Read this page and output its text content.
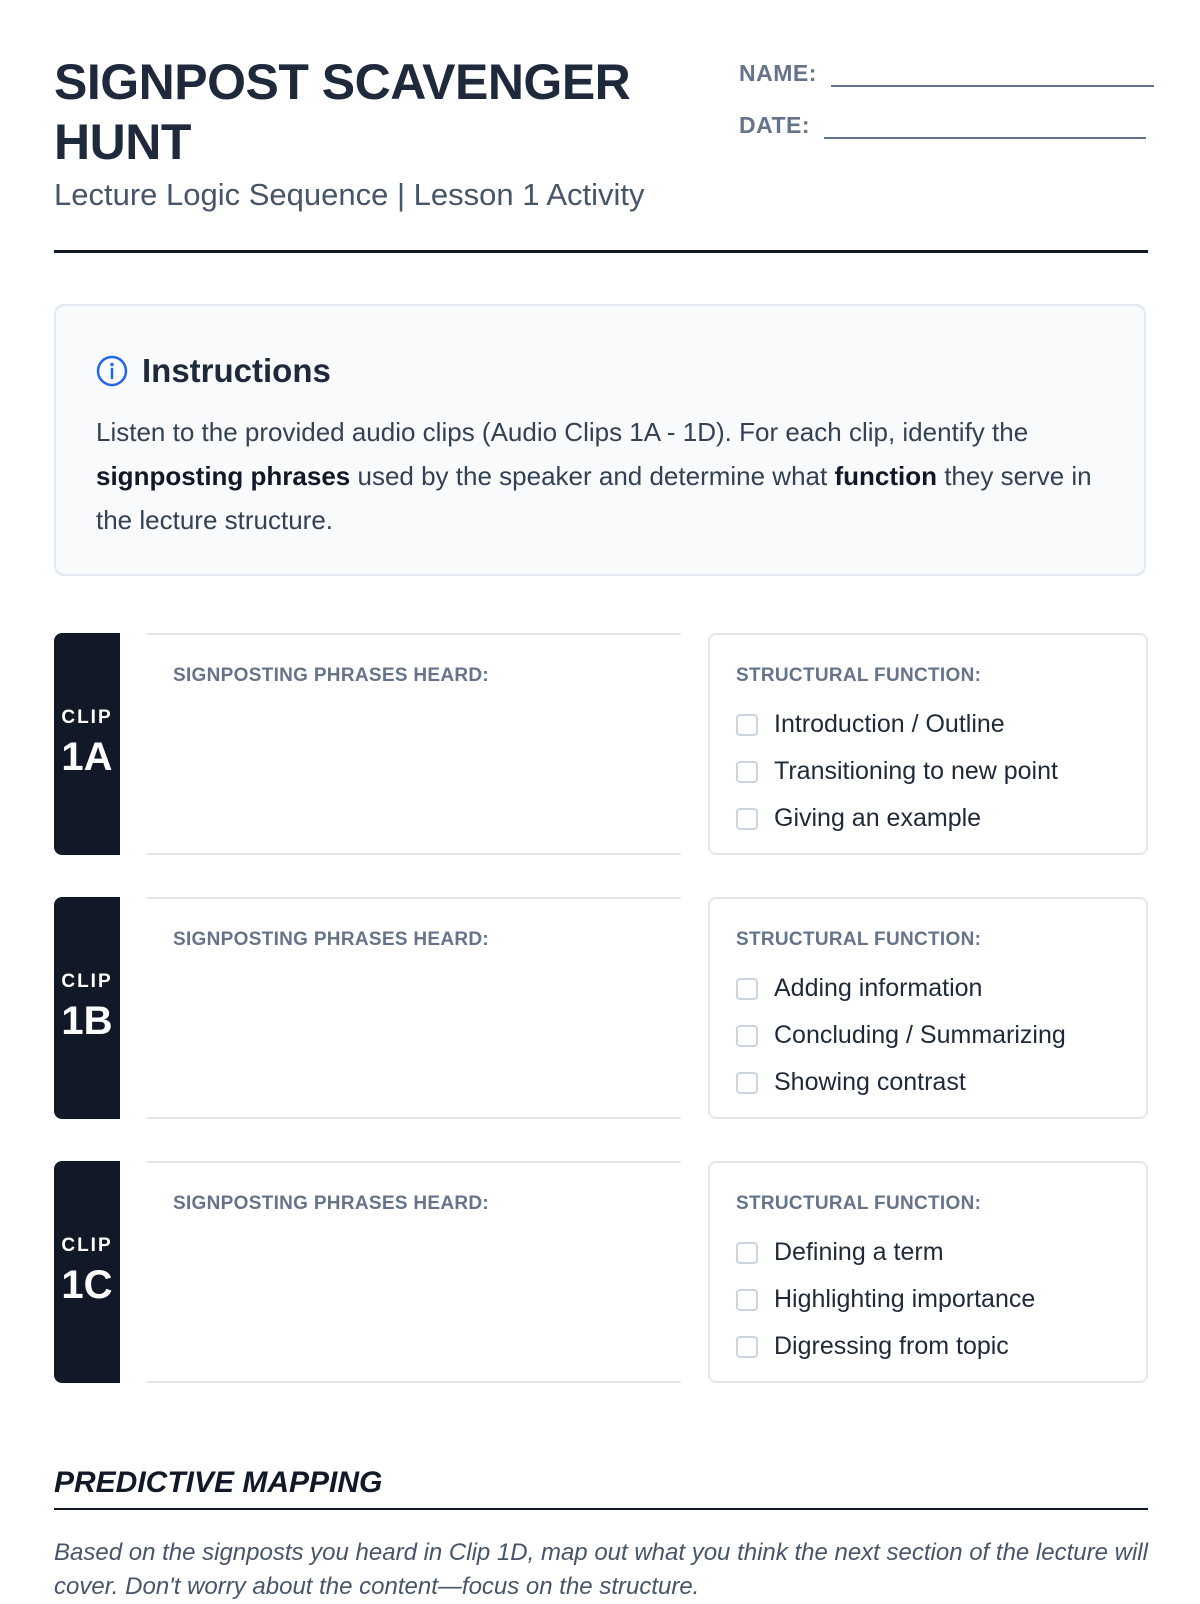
SIGNPOST SCAVENGER HUNT

Lecture Logic Sequence | Lesson 1 Activity

NAME:
DATE:
Instructions
Listen to the provided audio clips (Audio Clips 1A - 1D). For each clip, identify the signposting phrases used by the speaker and determine what function they serve in the lecture structure.
CLIP
1A
SIGNPOSTING PHRASES HEARD:	STRUCTURAL FUNCTION:
Introduction / Outline
Transitioning to new point
Giving an example
CLIP
1B
SIGNPOSTING PHRASES HEARD:	STRUCTURAL FUNCTION:
Adding information
Concluding / Summarizing
Showing contrast
CLIP
1C
SIGNPOSTING PHRASES HEARD:	STRUCTURAL FUNCTION:
Defining a term
Highlighting importance
Digressing from topic
PREDICTIVE MAPPING

Based on the signposts you heard in Clip 1D, map out what you think the next section of the lecture will cover. Don't worry about the content—focus on the structure.
